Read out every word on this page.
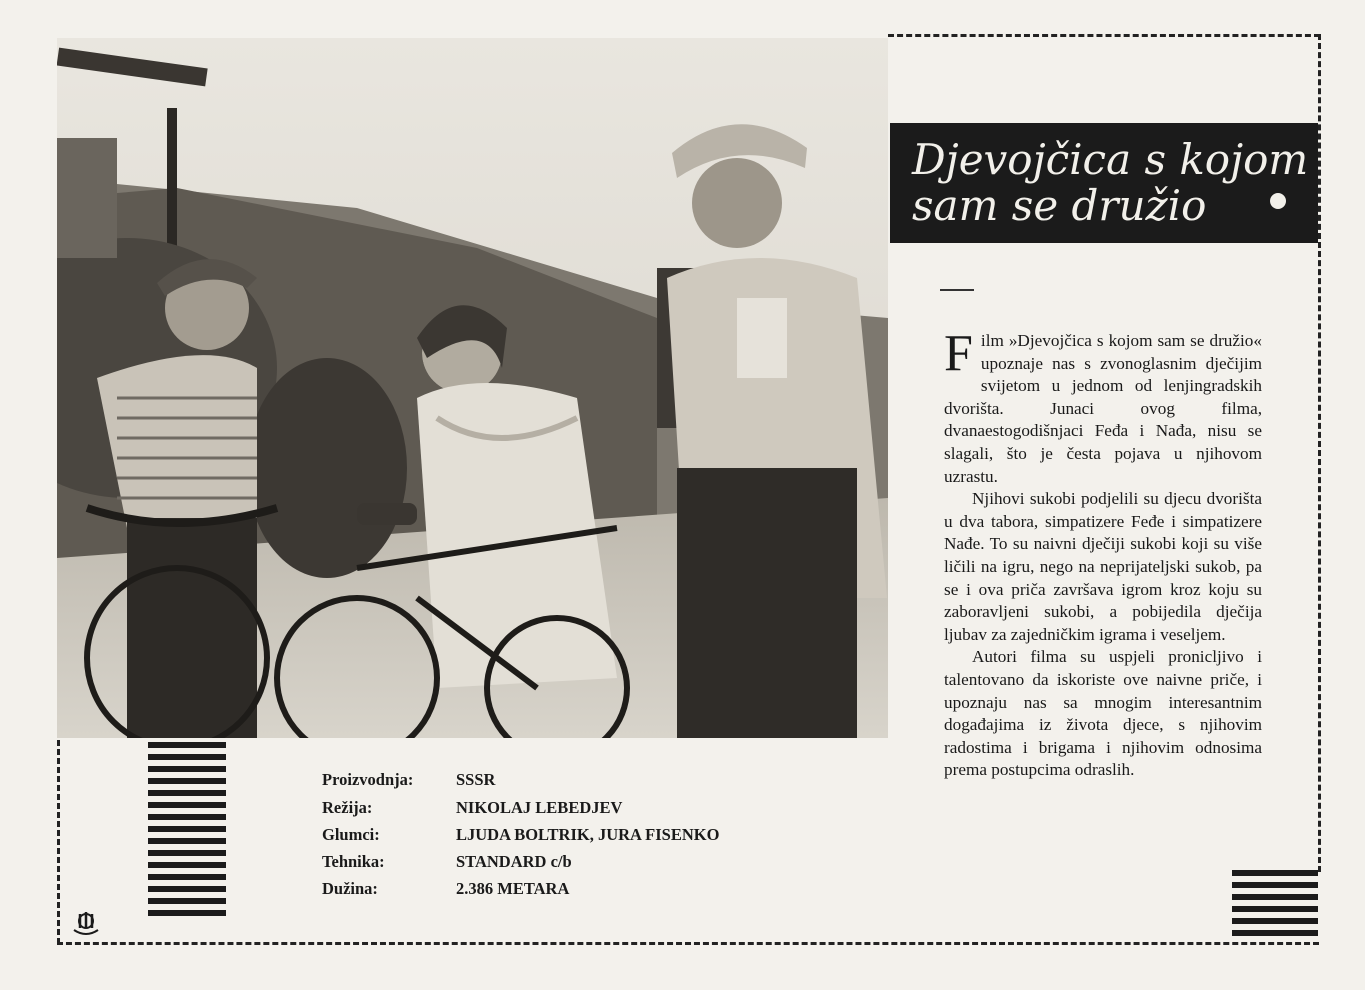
Djevojčica s kojom
sam se družio

Film »Djevojčica s kojom sam se družio« upoznaje nas s zvonoglasnim dječijim svijetom u jednom od lenjingradskih dvorišta. Junaci ovog filma, dvanaestogodišnjaci Feđa i Nađa, nisu se slagali, što je česta pojava u njihovom uzrastu.

Njihovi sukobi podjelili su djecu dvorišta u dva tabora, simpatizere Feđe i simpatizere Nađe. To su naivni dječiji sukobi koji su više ličili na igru, nego na neprijateljski sukob, pa se i ova priča završava igrom kroz koju su zaboravljeni sukobi, a pobijedila dječija ljubav za zajedničkim igrama i veseljem.

Autori filma su uspjeli pronicljivo i talentovano da iskoriste ove naivne priče, i upoznaju nas sa mnogim interesantnim događajima iz života djece, s njihovim radostima i brigama i njihovim odnosima prema postupcima odraslih.

Proizvodnja:	SSSR
Režija:	NIKOLAJ LEBEDJEV
Glumci:	LJUDA BOLTRIK, JURA FISENKO
Tehnika:	STANDARD c/b
Dužina:	2.386 METARA
